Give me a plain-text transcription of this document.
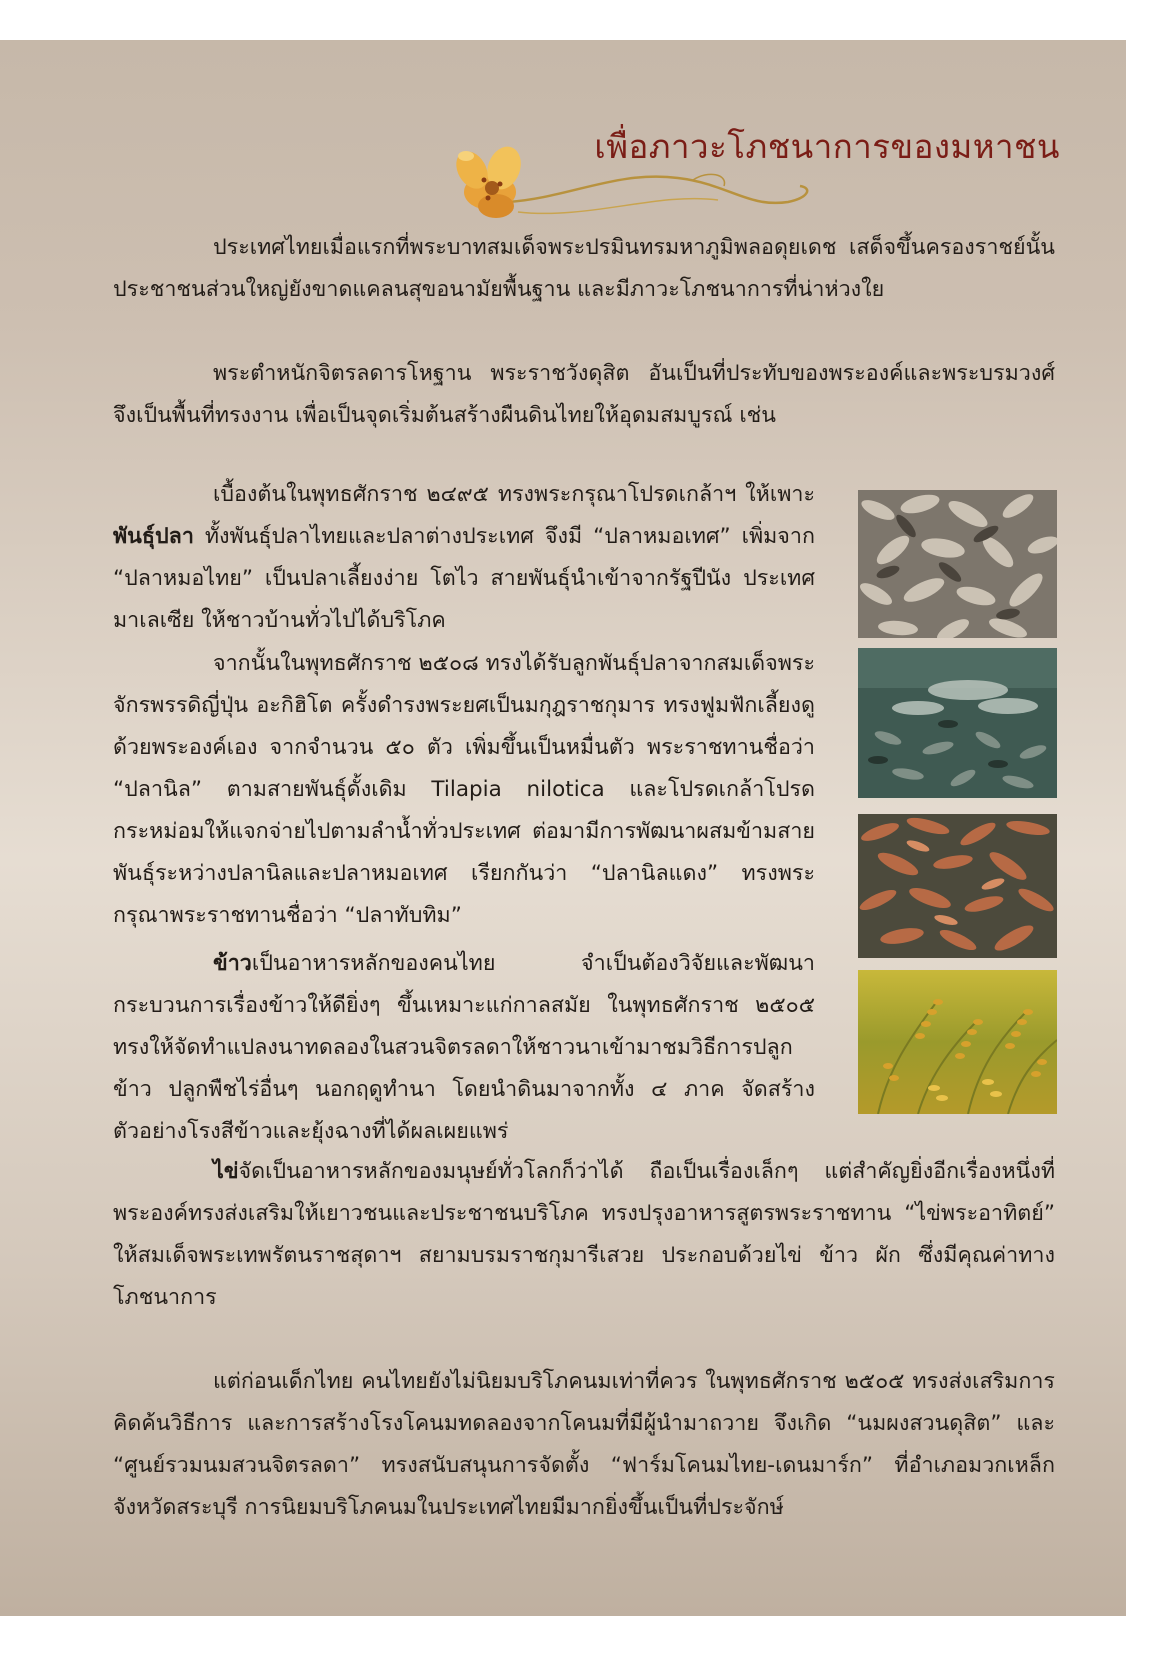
เพื่อภาวะโภชนาการของมหาชน

ประเทศไทยเมื่อแรกที่พระบาทสมเด็จพระปรมินทรมหาภูมิพลอดุยเดช เสด็จขึ้นครองราชย์นั้น ประชาชนส่วนใหญ่ยังขาดแคลนสุขอนามัยพื้นฐาน และมีภาวะโภชนาการที่น่าห่วงใย

พระตำหนักจิตรลดารโหฐาน พระราชวังดุสิต อันเป็นที่ประทับของพระองค์และพระบรมวงศ์ จึงเป็นพื้นที่ทรงงาน เพื่อเป็นจุดเริ่มต้นสร้างผืนดินไทยให้อุดมสมบูรณ์ เช่น

เบื้องต้นในพุทธศักราช ๒๔๙๕ ทรงพระกรุณาโปรดเกล้าฯ ให้เพาะพันธุ์ปลา ทั้งพันธุ์ปลาไทยและปลาต่างประเทศ จึงมี “ปลาหมอเทศ” เพิ่มจาก “ปลาหมอไทย” เป็นปลาเลี้ยงง่าย โตไว สายพันธุ์นำเข้าจากรัฐปีนัง ประเทศมาเลเซีย ให้ชาวบ้านทั่วไปได้บริโภค

จากนั้นในพุทธศักราช ๒๕๐๘ ทรงได้รับลูกพันธุ์ปลาจากสมเด็จพระจักรพรรดิญี่ปุ่น อะกิฮิโต ครั้งดำรงพระยศเป็นมกุฎราชกุมาร ทรงฟูมฟักเลี้ยงดูด้วยพระองค์เอง จากจำนวน ๕๐ ตัว เพิ่มขึ้นเป็นหมื่นตัว พระราชทานชื่อว่า “ปลานิล” ตามสายพันธุ์ดั้งเดิม Tilapia nilotica และโปรดเกล้าโปรดกระหม่อมให้แจกจ่ายไปตามลำน้ำทั่วประเทศ ต่อมามีการพัฒนาผสมข้ามสายพันธุ์ระหว่างปลานิลและปลาหมอเทศ เรียกกันว่า “ปลานิลแดง” ทรงพระกรุณาพระราชทานชื่อว่า “ปลาทับทิม”

ข้าวเป็นอาหารหลักของคนไทย จำเป็นต้องวิจัยและพัฒนากระบวนการเรื่องข้าวให้ดียิ่งๆ ขึ้นเหมาะแก่กาลสมัย ในพุทธศักราช ๒๕๐๕ ทรงให้จัดทำแปลงนาทดลองในสวนจิตรลดาให้ชาวนาเข้ามาชมวิธีการปลูกข้าว ปลูกพืชไร่อื่นๆ นอกฤดูทำนา โดยนำดินมาจากทั้ง ๔ ภาค จัดสร้างตัวอย่างโรงสีข้าวและยุ้งฉางที่ได้ผลเผยแพร่

ไข่จัดเป็นอาหารหลักของมนุษย์ทั่วโลกก็ว่าได้ ถือเป็นเรื่องเล็กๆ แต่สำคัญยิ่งอีกเรื่องหนึ่งที่พระองค์ทรงส่งเสริมให้เยาวชนและประชาชนบริโภค ทรงปรุงอาหารสูตรพระราชทาน “ไข่พระอาทิตย์” ให้สมเด็จพระเทพรัตนราชสุดาฯ สยามบรมราชกุมารีเสวย ประกอบด้วยไข่ ข้าว ผัก ซึ่งมีคุณค่าทางโภชนาการ

แต่ก่อนเด็กไทย คนไทยยังไม่นิยมบริโภคนมเท่าที่ควร ในพุทธศักราช ๒๕๐๕ ทรงส่งเสริมการคิดค้นวิธีการ และการสร้างโรงโคนมทดลองจากโคนมที่มีผู้นำมาถวาย จึงเกิด “นมผงสวนดุสิต” และ “ศูนย์รวมนมสวนจิตรลดา” ทรงสนับสนุนการจัดตั้ง “ฟาร์มโคนมไทย-เดนมาร์ก” ที่อำเภอมวกเหล็ก จังหวัดสระบุรี การนิยมบริโภคนมในประเทศไทยมีมากยิ่งขึ้นเป็นที่ประจักษ์
